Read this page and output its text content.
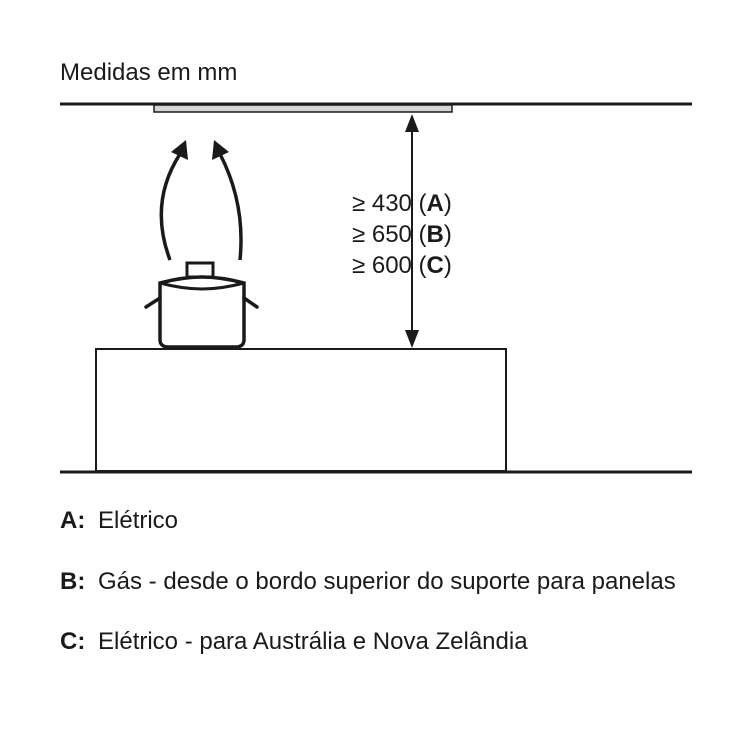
Medidas em mm
≥ 430 (A)
≥ 650 (B)
≥ 600 (C)
A: Elétrico
B: Gás - desde o bordo superior do suporte para panelas
C: Elétrico - para Austrália e Nova Zelândia
